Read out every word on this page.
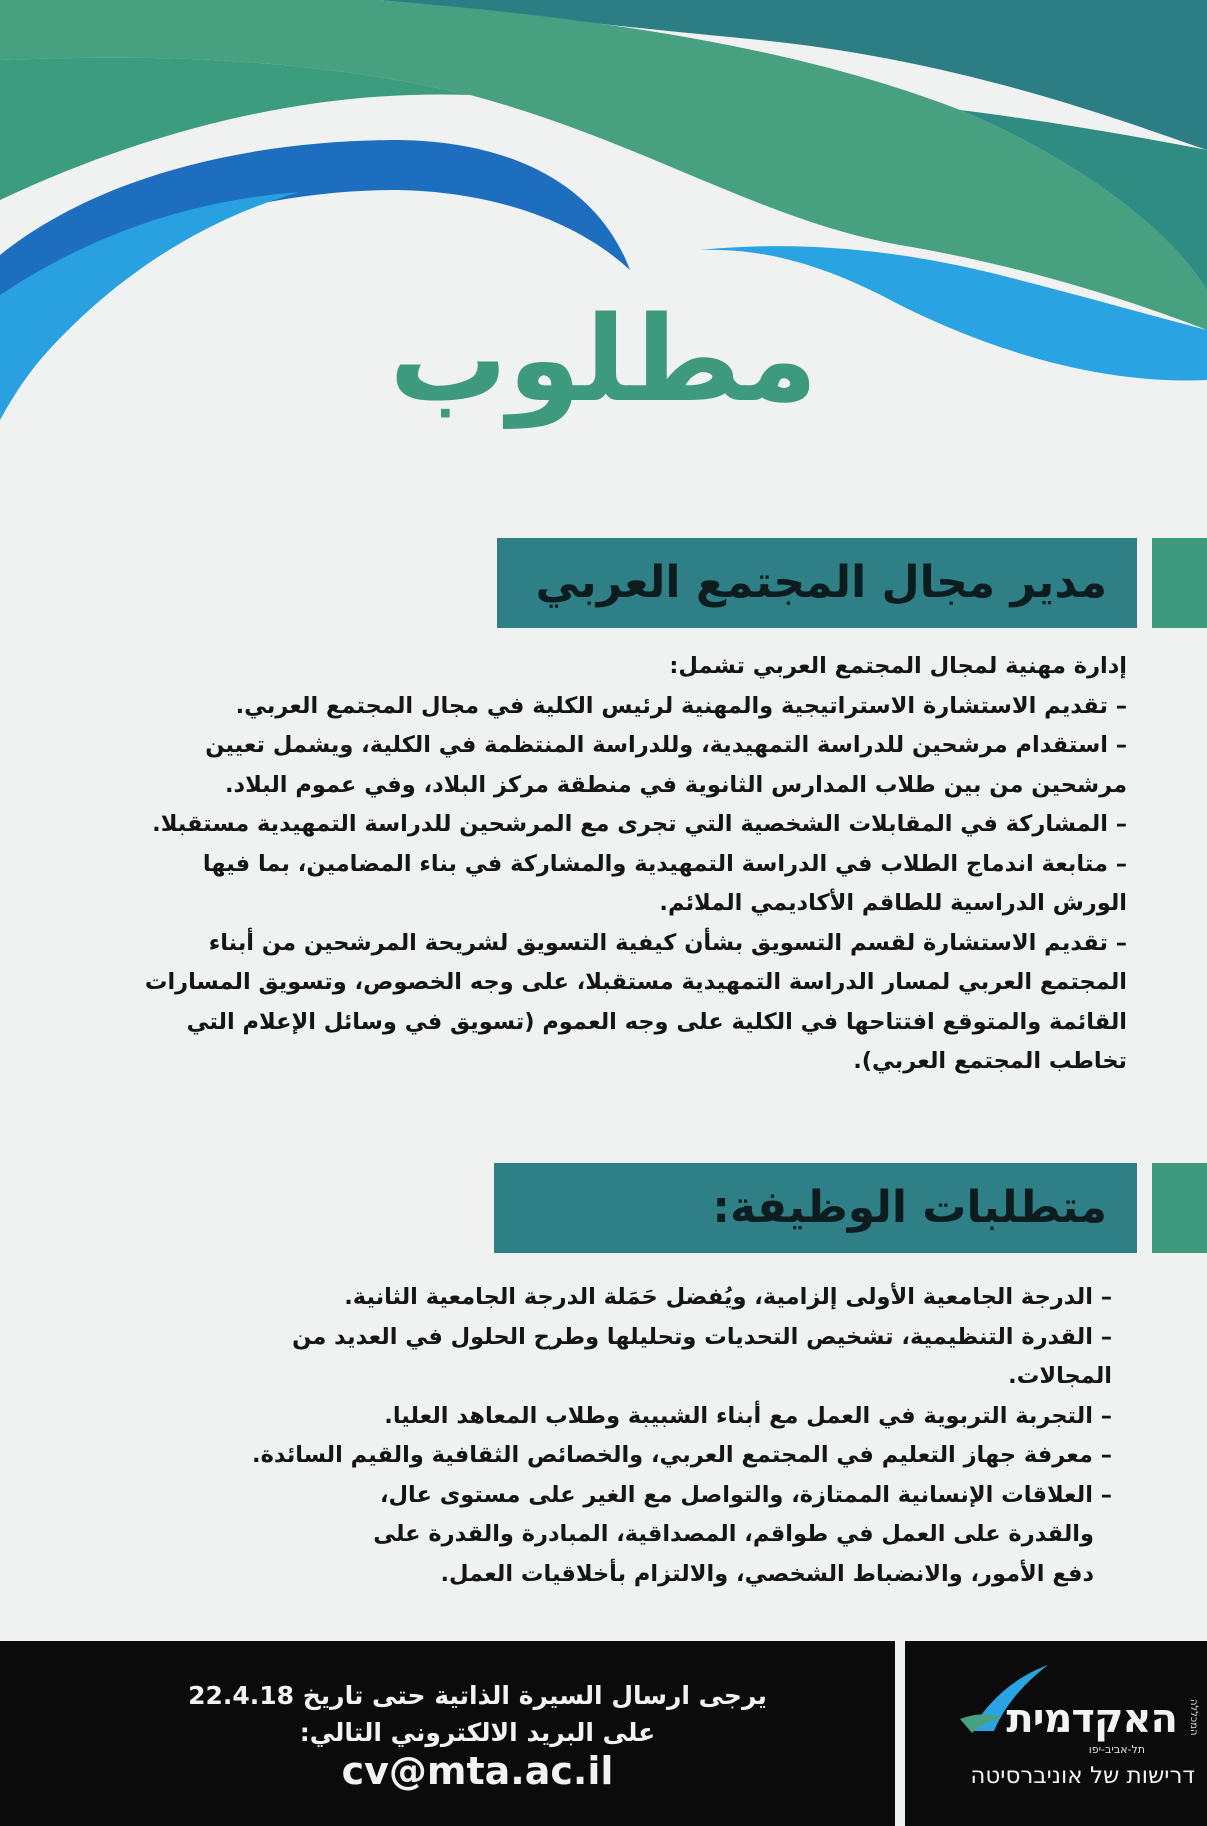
مطلوب
مدير مجال المجتمع العربي

إدارة مهنية لمجال المجتمع العربي تشمل:

– تقديم الاستشارة الاستراتيجية والمهنية لرئيس الكلية في مجال المجتمع العربي.

– استقدام مرشحين للدراسة التمهيدية، وللدراسة المنتظمة في الكلية، ويشمل تعيين

مرشحين من بين طلاب المدارس الثانوية في منطقة مركز البلاد، وفي عموم البلاد.

– المشاركة في المقابلات الشخصية التي تجرى مع المرشحين للدراسة التمهيدية مستقبلا.

– متابعة اندماج الطلاب في الدراسة التمهيدية والمشاركة في بناء المضامين، بما فيها

الورش الدراسية للطاقم الأكاديمي الملائم.

– تقديم الاستشارة لقسم التسويق بشأن كيفية التسويق لشريحة المرشحين من أبناء

المجتمع العربي لمسار الدراسة التمهيدية مستقبلا، على وجه الخصوص، وتسويق المسارات

القائمة والمتوقع افتتاحها في الكلية على وجه العموم (تسويق في وسائل الإعلام التي

تخاطب المجتمع العربي).

متطلبات الوظيفة:

– الدرجة الجامعية الأولى إلزامية، ويُفضل حَمَلة الدرجة الجامعية الثانية.

– القدرة التنظيمية، تشخيص التحديات وتحليلها وطرح الحلول في العديد من المجالات.

– التجربة التربوية في العمل مع أبناء الشبيبة وطلاب المعاهد العليا.

– معرفة جهاز التعليم في المجتمع العربي، والخصائص الثقافية والقيم السائدة.

– العلاقات الإنسانية الممتازة، والتواصل مع الغير على مستوى عال،

والقدرة على العمل في طواقم، المصداقية، المبادرة والقدرة على

دفع الأمور، والانضباط الشخصي، والالتزام بأخلاقيات العمل.

يرجى ارسال السيرة الذاتية حتى تاريخ 22.4.18
على البريد الالكتروني التالي:
cv@mta.ac.il
האקדמית
תל-אביב-יפו
המכללה
דרישות של אוניברסיטה
